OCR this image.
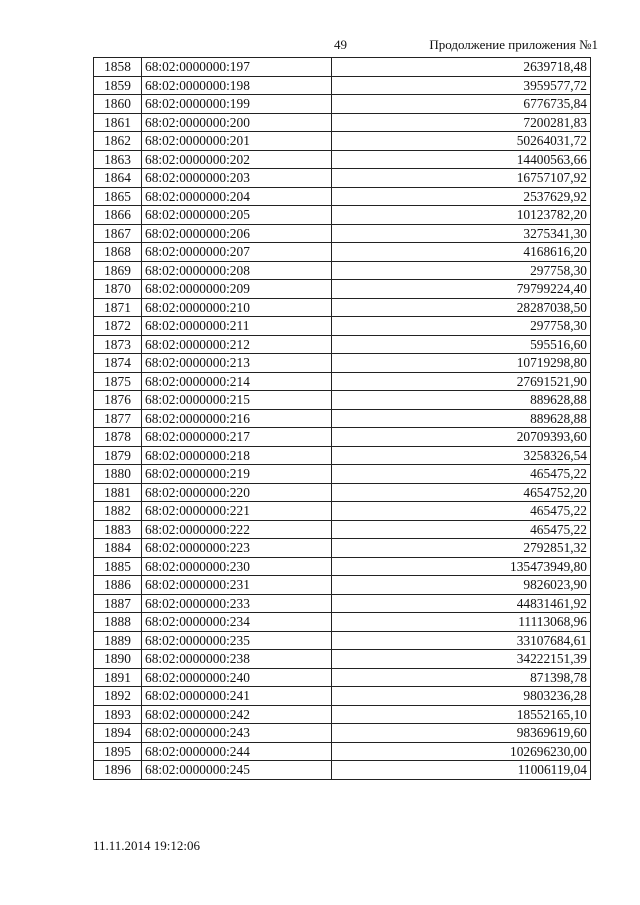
49	Продолжение приложения №1
1858	68:02:0000000:197	2639718,48
1859	68:02:0000000:198	3959577,72
1860	68:02:0000000:199	6776735,84
1861	68:02:0000000:200	7200281,83
1862	68:02:0000000:201	50264031,72
1863	68:02:0000000:202	14400563,66
1864	68:02:0000000:203	16757107,92
1865	68:02:0000000:204	2537629,92
1866	68:02:0000000:205	10123782,20
1867	68:02:0000000:206	3275341,30
1868	68:02:0000000:207	4168616,20
1869	68:02:0000000:208	297758,30
1870	68:02:0000000:209	79799224,40
1871	68:02:0000000:210	28287038,50
1872	68:02:0000000:211	297758,30
1873	68:02:0000000:212	595516,60
1874	68:02:0000000:213	10719298,80
1875	68:02:0000000:214	27691521,90
1876	68:02:0000000:215	889628,88
1877	68:02:0000000:216	889628,88
1878	68:02:0000000:217	20709393,60
1879	68:02:0000000:218	3258326,54
1880	68:02:0000000:219	465475,22
1881	68:02:0000000:220	4654752,20
1882	68:02:0000000:221	465475,22
1883	68:02:0000000:222	465475,22
1884	68:02:0000000:223	2792851,32
1885	68:02:0000000:230	135473949,80
1886	68:02:0000000:231	9826023,90
1887	68:02:0000000:233	44831461,92
1888	68:02:0000000:234	11113068,96
1889	68:02:0000000:235	33107684,61
1890	68:02:0000000:238	34222151,39
1891	68:02:0000000:240	871398,78
1892	68:02:0000000:241	9803236,28
1893	68:02:0000000:242	18552165,10
1894	68:02:0000000:243	98369619,60
1895	68:02:0000000:244	102696230,00
1896	68:02:0000000:245	11006119,04
11.11.2014 19:12:06
